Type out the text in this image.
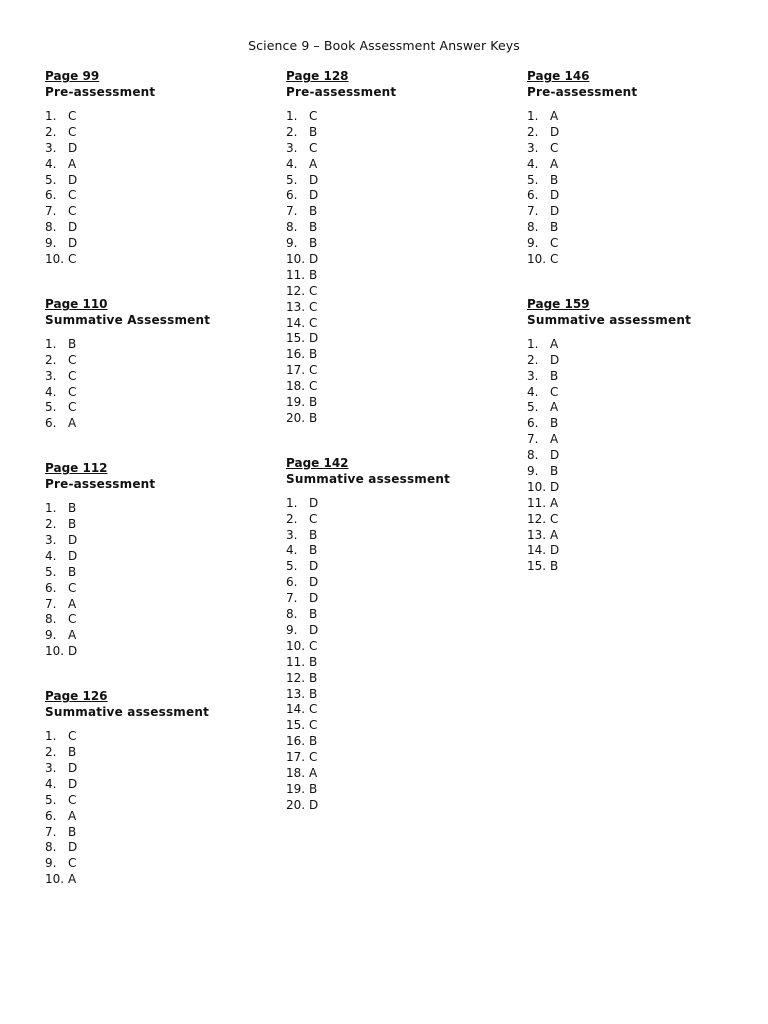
Science 9 – Book Assessment Answer Keys
Page 99
Pre-assessment
1. C
2. C
3. D
4. A
5. D
6. C
7. C
8. D
9. D
10. C
Page 110
Summative Assessment
1. B
2. C
3. C
4. C
5. C
6. A
Page 112
Pre-assessment
1. B
2. B
3. D
4. D
5. B
6. C
7. A
8. C
9. A
10. D
Page 126
Summative assessment
1. C
2. B
3. D
4. D
5. C
6. A
7. B
8. D
9. C
10. A
Page 128
Pre-assessment
1. C
2. B
3. C
4. A
5. D
6. D
7. B
8. B
9. B
10. D
11. B
12. C
13. C
14. C
15. D
16. B
17. C
18. C
19. B
20. B
Page 142
Summative assessment
1. D
2. C
3. B
4. B
5. D
6. D
7. D
8. B
9. D
10. C
11. B
12. B
13. B
14. C
15. C
16. B
17. C
18. A
19. B
20. D
Page 146
Pre-assessment
1. A
2. D
3. C
4. A
5. B
6. D
7. D
8. B
9. C
10. C
Page 159
Summative assessment
1. A
2. D
3. B
4. C
5. A
6. B
7. A
8. D
9. B
10. D
11. A
12. C
13. A
14. D
15. B
